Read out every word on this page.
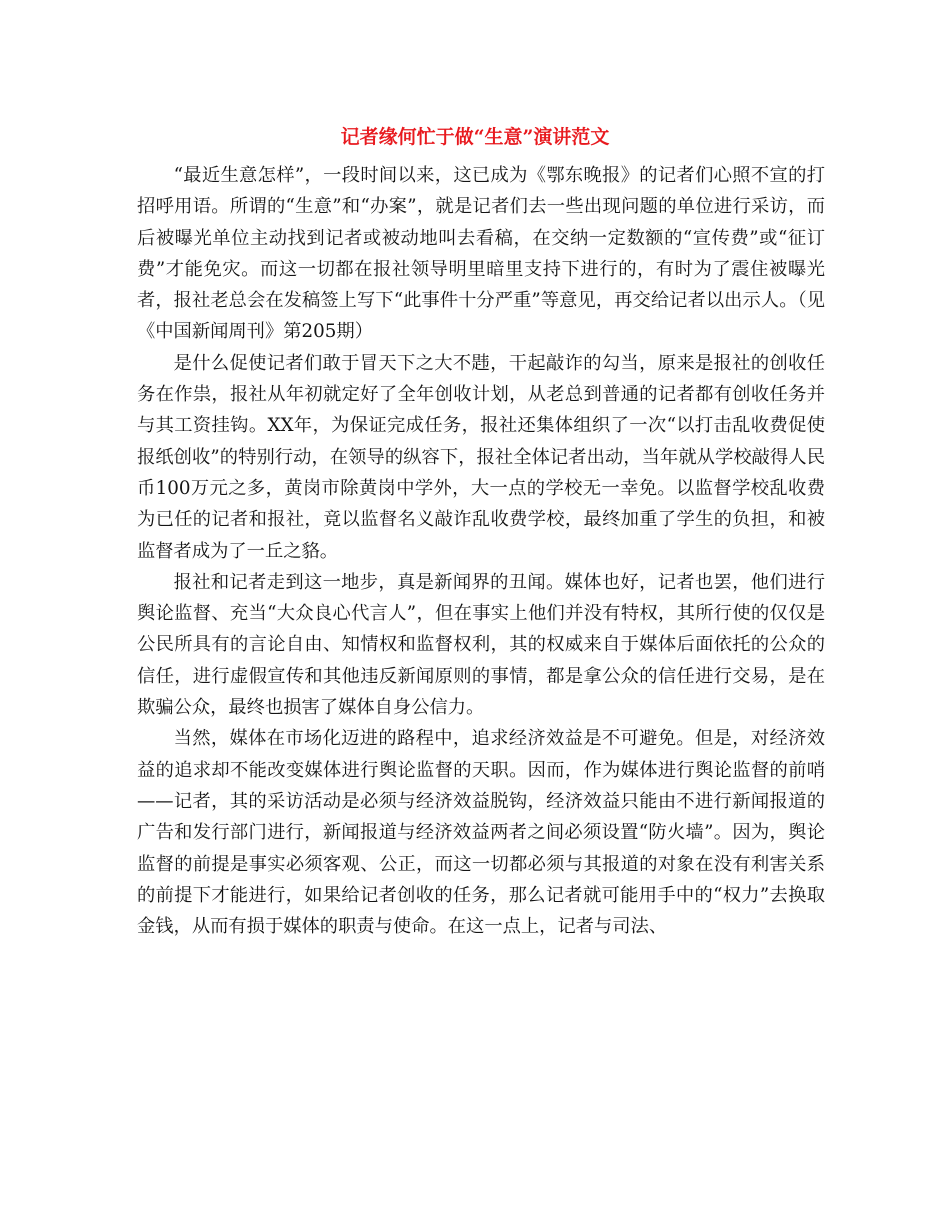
记者缘何忙于做“生意”演讲范文

“最近生意怎样”，一段时间以来，这已成为《鄂东晚报》的记者们心照不宣的打招呼用语。所谓的“生意”和“办案”，就是记者们去一些出现问题的单位进行采访，而后被曝光单位主动找到记者或被动地叫去看稿，在交纳一定数额的“宣传费”或“征订费”才能免灾。而这一切都在报社领导明里暗里支持下进行的，有时为了震住被曝光者，报社老总会在发稿签上写下“此事件十分严重”等意见，再交给记者以出示人。（见《中国新闻周刊》第205期）

是什么促使记者们敢于冒天下之大不韪，干起敲诈的勾当，原来是报社的创收任务在作祟，报社从年初就定好了全年创收计划，从老总到普通的记者都有创收任务并与其工资挂钩。XX年，为保证完成任务，报社还集体组织了一次“以打击乱收费促使报纸创收”的特别行动，在领导的纵容下，报社全体记者出动，当年就从学校敲得人民币100万元之多，黄岗市除黄岗中学外，大一点的学校无一幸免。以监督学校乱收费为已任的记者和报社，竟以监督名义敲诈乱收费学校，最终加重了学生的负担，和被监督者成为了一丘之貉。

报社和记者走到这一地步，真是新闻界的丑闻。媒体也好，记者也罢，他们进行舆论监督、充当“大众良心代言人”，但在事实上他们并没有特权，其所行使的仅仅是公民所具有的言论自由、知情权和监督权利，其的权威来自于媒体后面依托的公众的信任，进行虚假宣传和其他违反新闻原则的事情，都是拿公众的信任进行交易，是在欺骗公众，最终也损害了媒体自身公信力。

当然，媒体在市场化迈进的路程中，追求经济效益是不可避免。但是，对经济效益的追求却不能改变媒体进行舆论监督的天职。因而，作为媒体进行舆论监督的前哨——记者，其的采访活动是必须与经济效益脱钩，经济效益只能由不进行新闻报道的广告和发行部门进行，新闻报道与经济效益两者之间必须设置“防火墙”。因为，舆论监督的前提是事实必须客观、公正，而这一切都必须与其报道的对象在没有利害关系的前提下才能进行，如果给记者创收的任务，那么记者就可能用手中的“权力”去换取金钱，从而有损于媒体的职责与使命。在这一点上，记者与司法、
